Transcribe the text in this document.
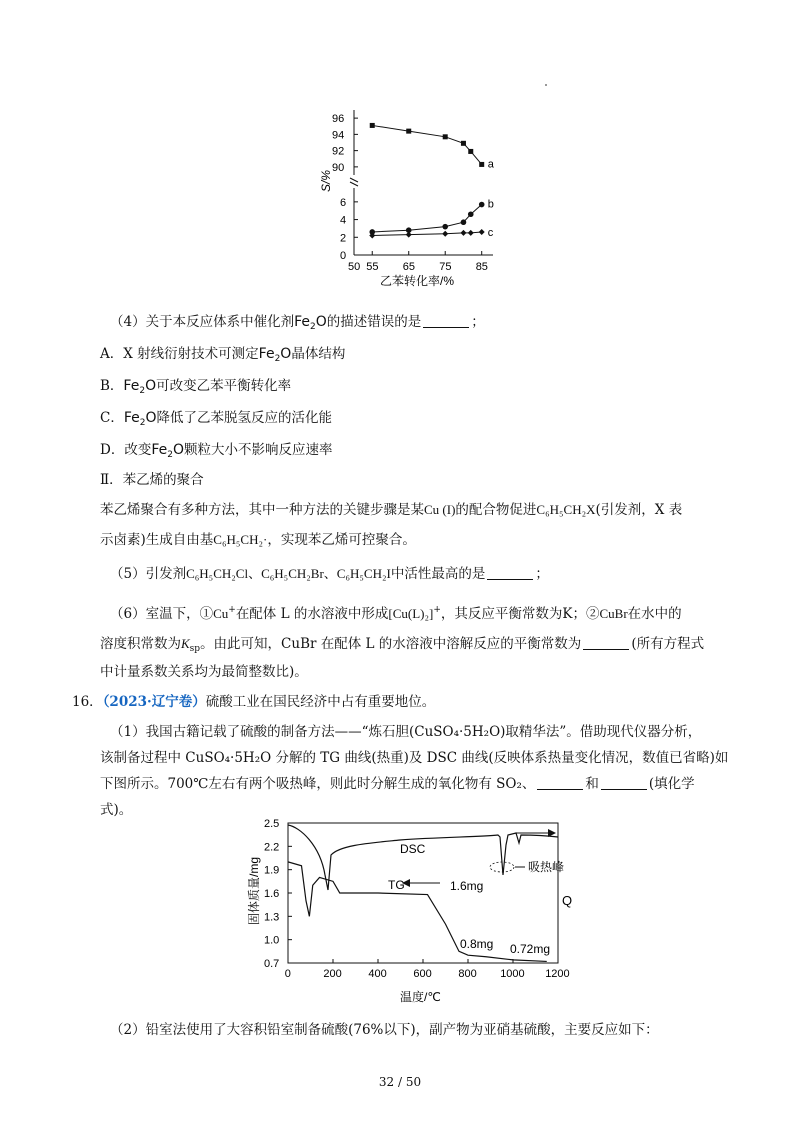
S/%
96
94
92
90
6
4
2
0
50 55 65 75 85
a
b
c
乙苯转化率/%
（4）关于本反应体系中催化剂$Fe_2O$的描述错误的是	；
A．X 射线衍射技术可测定$Fe_2O$晶体结构
B．$Fe_2O$可改变乙苯平衡转化率
C．$Fe_2O$降低了乙苯脱氢反应的活化能
D．改变$Fe_2O$颗粒大小不影响反应速率
Ⅱ．苯乙烯的聚合
苯乙烯聚合有多种方法，其中一种方法的关键步骤是某Cu (I)的配合物促进C₆H₅CH₂X(引发剂，X 表
示卤素)生成自由基C₆H₅CH₂·，实现苯乙烯可控聚合。
（5）引发剂C₆H₅CH₂Cl、C₆H₅CH₂Br、C₆H₅CH₂I中活性最高的是	；
（6）室温下，①Cu+在配体 L 的水溶液中形成[Cu(L)₂]+，其反应平衡常数为K；②CuBr在水中的
溶度积常数为$K_{sp}$。由此可知，CuBr 在配体 L 的水溶液中溶解反应的平衡常数为	(所有方程式
中计量系数关系均为最简整数比)。
16．（2023·辽宁卷）硫酸工业在国民经济中占有重要地位。
（1）我国古籍记载了硫酸的制备方法——“炼石胆(CuSO₄·5H₂O)取精华法”。借助现代仪器分析，
该制备过程中 CuSO₄·5H₂O 分解的 TG 曲线(热重)及 DSC 曲线(反映体系热量变化情况，数值已省略)如
下图所示。700℃左右有两个吸热峰，则此时分解生成的氧化物有 SO₂、	和	(填化学
式)。
固体质量/mg	Q
2.5
2.2
1.9
1.6
1.3
1.0
0.7
0	200 400 600 800 1000 1200
DSC
TG	1.6mg
0.8mg 0.72mg
吸热峰
温度/℃
（2）铅室法使用了大容积铅室制备硫酸(76%以下)，副产物为亚硝基硫酸，主要反应如下：
32 / 50
